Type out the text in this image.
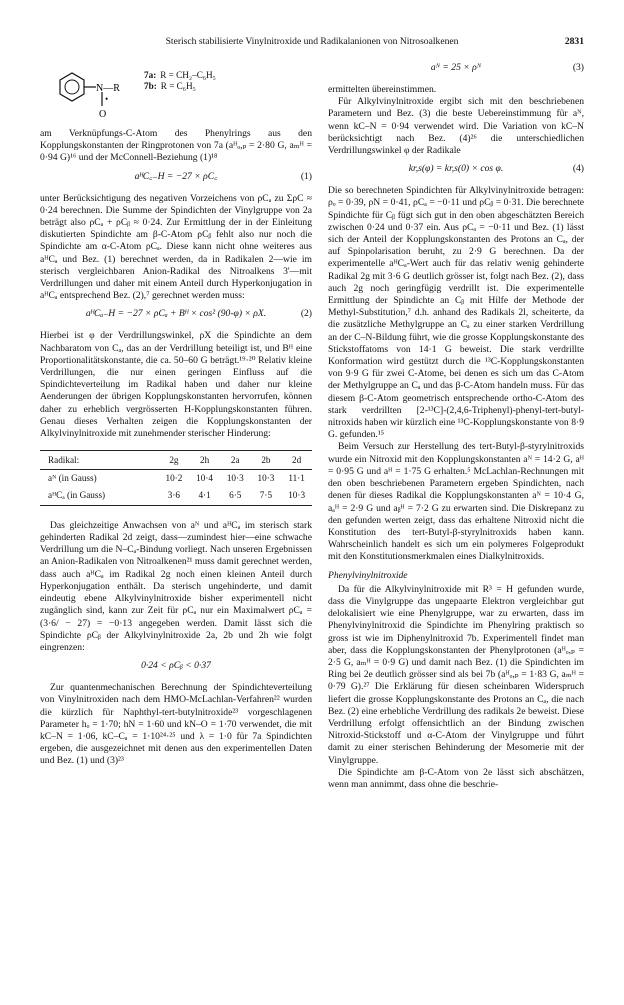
Sterisch stabilisierte Vinylnitroxide und Radikalanionen von Nitrosoalkenen	2831
N—R
•
O
7a: R = CH₂–C₆H₅
7b: R = C₆H₅

am Verknüpfungs-C-Atom des Phenylrings aus den Kopplungskonstanten der Ringprotonen von 7a (aᴴₒ,ₚ = 2·80 G, aₘᴴ = 0·94 G)¹⁶ und der McConnell-Beziehung (1)¹⁸

aᴴC꜀₋H = −27 × ρC꜀	(1)

unter Berücksichtigung des negativen Vorzeichens von ρCₐ zu ΣρC ≈ 0·24 berechnen. Die Summe der Spindichten der Vinylgruppe von 2a beträgt also ρCₐ + ρCᵦ ≈ 0·24. Zur Ermittlung der in der Einleitung diskutierten Spindichte am β-C-Atom ρCᵦ fehlt also nur noch die Spindichte am α-C-Atom ρCₐ. Diese kann nicht ohne weiteres aus aᴴCₐ und Bez. (1) berechnet werden, da in Radikalen 2—wie im sterisch vergleichbaren Anion-Radikal des Nitroalkens 3'—mit Verdrillungen und daher mit einem Anteil durch Hyperkonjugation in aᴴCₐ entsprechend Bez. (2),⁷ gerechnet werden muss:

aᴴCₐ₋H = −27 × ρCₐ + Bᴴ × cos² (90-φ) × ρX.	(2)

Hierbei ist φ der Verdrillungswinkel, ρX die Spindichte an dem Nachbaratom von Cₐ, das an der Verdrillung beteiligt ist, und Bᴴ eine Proportionalitätskonstante, die ca. 50–60 G beträgt.¹⁹·²⁰ Relativ kleine Verdrillungen, die nur einen geringen Einfluss auf die Spindichteverteilung im Radikal haben und daher nur kleine Aenderungen der übrigen Kopplungskonstanten hervorrufen, können daher zu erheblich vergrösserten H-Kopplungskonstanten führen. Genau dieses Verhalten zeigen die Kopplungskonstanten der Alkylvinylnitroxide mit zunehmender sterischer Hinderung:

Radikal:	2g	2h	2a	2b	2d
aᴺ (in Gauss)	10·2	10·4	10·3	10·3	11·1
aᴴCₐ (in Gauss)	3·6	4·1	6·5	7·5	10·3

Das gleichzeitige Anwachsen von aᴺ und aᴴCₐ im sterisch stark gehinderten Radikal 2d zeigt, dass—zumindest hier—eine schwache Verdrillung um die N–Cₐ-Bindung vorliegt. Nach unseren Ergebnissen an Anion-Radikalen von Nitroalkenen²¹ muss damit gerechnet werden, dass auch aᴴCₐ im Radikal 2g noch einen kleinen Anteil durch Hyperkonjugation enthält. Da sterisch ungehinderte, und damit eindeutig ebene Alkylvinylnitroxide bisher experimentell nicht zugänglich sind, kann zur Zeit für ρCₐ nur ein Maximalwert ρCₐ = (3·6/ − 27) = −0·13 angegeben werden. Damit lässt sich die Spindichte ρCᵦ der Alkylvinylnitroxide 2a, 2b und 2h wie folgt eingrenzen:

0·24 < ρCᵦ < 0·37

Zur quantenmechanischen Berechnung der Spindichteverteilung von Vinylnitroxiden nach dem HMO-McLachlan-Verfahren²² wurden die kürzlich für Naphthyl-tert-butylnitroxide²³ vorgeschlagenen Parameter hₒ = 1·70; hN = 1·60 und kN–O = 1·70 verwendet, die mit kC–N = 1·06, kC–Cₐ = 1·10²⁴·²⁵ und λ = 1·0 für 7a Spindichten ergeben, die ausgezeichnet mit denen aus den experimentellen Daten und Bez. (1) und (3)²³

aᴺ = 25 × ρᴺ	(3)

ermittelten übereinstimmen.

Für Alkylvinylnitroxide ergibt sich mit den beschriebenen Parametern und Bez. (3) die beste Uebereinstimmung für aᴺ, wenn kC–N = 0·94 verwendet wird. Die Variation von kC–N berücksichtigt nach Bez. (4)²⁶ die unterschiedlichen Verdrillungswinkel φ der Radikale

kr,s(φ) = kr,s(0) × cos φ.	(4)

Die so berechneten Spindichten für Alkylvinylnitroxide betragen: ρₒ = 0·39, ρN = 0·41, ρCₐ = −0·11 und ρCᵦ = 0·31. Die berechnete Spindichte für Cᵦ fügt sich gut in den oben abgeschätzten Bereich zwischen 0·24 und 0·37 ein. Aus ρCₐ = −0·11 und Bez. (1) lässt sich der Anteil der Kopplungskonstanten des Protons an Cₐ, der auf Spinpolarisation beruht, zu 2·9 G berechnen. Da der experimentelle aᴴCₐ-Wert auch für das relativ wenig gehinderte Radikal 2g mit 3·6 G deutlich grösser ist, folgt nach Bez. (2), dass auch 2g noch geringfügig verdrillt ist. Die experimentelle Ermittlung der Spindichte an Cᵦ mit Hilfe der Methode der Methyl-Substitution,⁷ d.h. anhand des Radikals 2l, scheiterte, da die zusätzliche Methylgruppe an Cₐ zu einer starken Verdrillung an der C–N-Bildung führt, wie die grosse Kopplungskonstante des Stickstoffatoms von 14·1 G beweist. Die stark verdrillte Konformation wird gestützt durch die ¹³C-Kopplungskonstanten von 9·9 G für zwei C-Atome, bei denen es sich um das C-Atom der Methylgruppe an Cₐ und das β-C-Atom handeln muss. Für das diesem β-C-Atom geometrisch entsprechende ortho-C-Atom des stark verdrillten [2-¹³C]-(2,4,6-Triphenyl)-phenyl-tert-butyl-nitroxids haben wir kürzlich eine ¹³C-Kopplungskonstante von 8·9 G. gefunden.¹⁵

Beim Versuch zur Herstellung des tert-Butyl-β-styrylnitroxids wurde ein Nitroxid mit den Kopplungskonstanten aᴺ = 14·2 G, aᴴ = 0·95 G und aᴴ = 1·75 G erhalten.⁵ McLachlan-Rechnungen mit den oben beschriebenen Parametern ergeben Spindichten, nach denen für dieses Radikal die Kopplungskonstanten aᴺ = 10·4 G, aₐᴴ = 2·9 G und aᵦᴴ = 7·2 G zu erwarten sind. Die Diskrepanz zu den gefunden werten zeigt, dass das erhaltene Nitroxid nicht die Konstitution des tert-Butyl-β-styrylnitroxids haben kann. Wahrscheinlich handelt es sich um ein polymeres Folgeprodukt mit den Konstitutionsmerkmalen eines Dialkylnitroxids.

Phenylvinylnitroxide

Da für die Alkylvinylnitroxide mit R³ = H gefunden wurde, dass die Vinylgruppe das ungepaarte Elektron vergleichbar gut delokalisiert wie eine Phenylgruppe, war zu erwarten, dass im Phenylvinylnitroxid die Spindichte im Phenylring praktisch so gross ist wie im Diphenylnitroxid 7b. Experimentell findet man aber, dass die Kopplungskonstanten der Phenylprotonen (aᴴₒ,ₚ = 2·5 G, aₘᴴ = 0·9 G) und damit nach Bez. (1) die Spindichten im Ring bei 2e deutlich grösser sind als bei 7b (aᴴₒ,ₚ = 1·83 G, aₘᴴ = 0·79 G).²⁷ Die Erklärung für diesen scheinbaren Widerspruch liefert die grosse Kopplungskonstante des Protons an Cₐ, die nach Bez. (2) eine erhebliche Verdrillung des radikals 2e beweist. Diese Verdrillung erfolgt offensichtlich an der Bindung zwischen Nitroxid-Stickstoff und α-C-Atom der Vinylgruppe und führt damit zu einer sterischen Behinderung der Mesomerie mit der Vinylgruppe.

Die Spindichte am β-C-Atom von 2e lässt sich abschätzen, wenn man annimmt, dass ohne die beschrie-
